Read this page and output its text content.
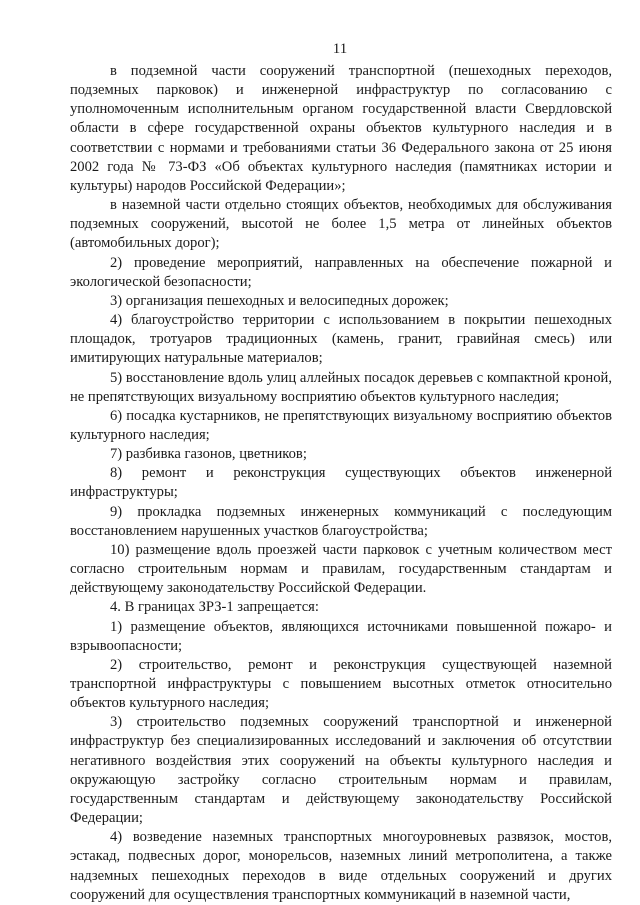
11

в подземной части сооружений транспортной (пешеходных переходов, подземных парковок) и инженерной инфраструктур по согласованию с уполномоченным исполнительным органом государственной власти Свердловской области в сфере государственной охраны объектов культурного наследия и в соответствии с нормами и требованиями статьи 36 Федерального закона от 25 июня 2002 года № 73-ФЗ «Об объектах культурного наследия (памятниках истории и культуры) народов Российской Федерации»;

в наземной части отдельно стоящих объектов, необходимых для обслуживания подземных сооружений, высотой не более 1,5 метра от линейных объектов (автомобильных дорог);

2) проведение мероприятий, направленных на обеспечение пожарной и экологической безопасности;

3) организация пешеходных и велосипедных дорожек;

4) благоустройство территории с использованием в покрытии пешеходных площадок, тротуаров традиционных (камень, гранит, гравийная смесь) или имитирующих натуральные материалов;

5) восстановление вдоль улиц аллейных посадок деревьев с компактной кроной, не препятствующих визуальному восприятию объектов культурного наследия;

6) посадка кустарников, не препятствующих визуальному восприятию объектов культурного наследия;

7) разбивка газонов, цветников;

8) ремонт и реконструкция существующих объектов инженерной инфраструктуры;

9) прокладка подземных инженерных коммуникаций с последующим восстановлением нарушенных участков благоустройства;

10) размещение вдоль проезжей части парковок с учетным количеством мест согласно строительным нормам и правилам, государственным стандартам и действующему законодательству Российской Федерации.

4. В границах ЗРЗ-1 запрещается:

1) размещение объектов, являющихся источниками повышенной пожаро- и взрывоопасности;

2) строительство, ремонт и реконструкция существующей наземной транспортной инфраструктуры с повышением высотных отметок относительно объектов культурного наследия;

3) строительство подземных сооружений транспортной и инженерной инфраструктур без специализированных исследований и заключения об отсутствии негативного воздействия этих сооружений на объекты культурного наследия и окружающую застройку согласно строительным нормам и правилам, государственным стандартам и действующему законодательству Российской Федерации;

4) возведение наземных транспортных многоуровневых развязок, мостов, эстакад, подвесных дорог, монорельсов, наземных линий метрополитена, а также надземных пешеходных переходов в виде отдельных сооружений и других сооружений для осуществления транспортных коммуникаций в наземной части,
